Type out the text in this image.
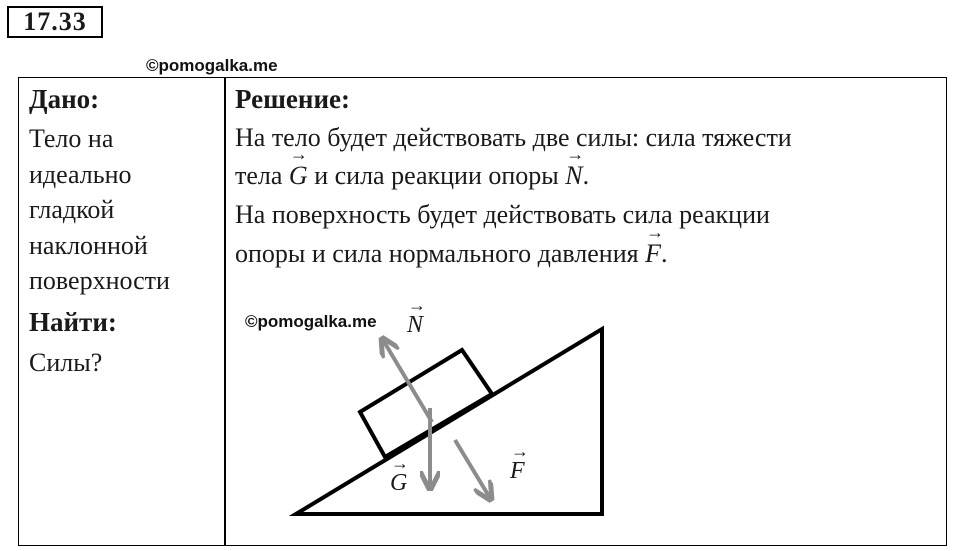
17.33
©pomogalka.me
Дано:
Тело на
идеально
гладкой
наклонной
поверхности
Найти:
Силы?
Решение:
На тело будет действовать две силы: сила тяжести
тела → G и сила реакции опоры → N.
На поверхность будет действовать сила реакции
опоры и сила нормального давления → F.
©pomogalka.me → N
→ G	→ F
